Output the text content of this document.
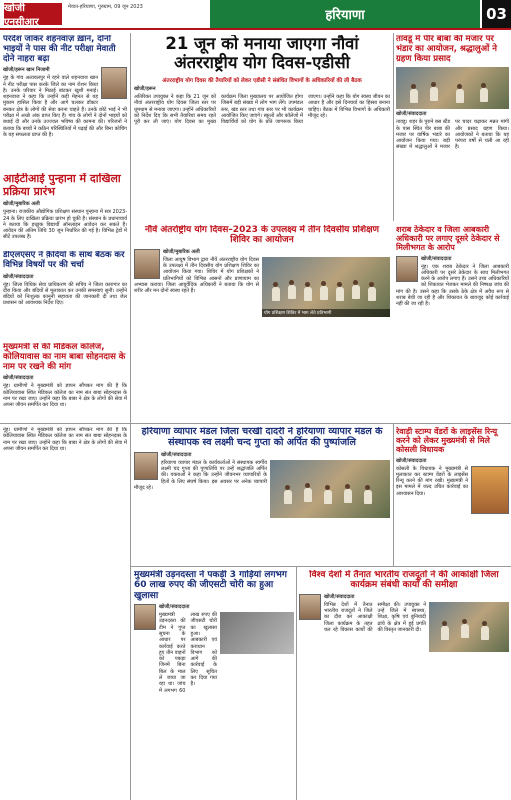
खोजी एनसीआर
मेवात-हरियाणा, गुरुग्राम, 09 जून 2023
हरियाणा	03
परदेश जाकर शहनवाज़ ख़ान, दोनों भाइयों ने पास की नीट परीक्षा मेवाती दोने नाहरा बढ़ा
खोजी/हरून खान निजामी
नूंह के गांव अलावलपुर में रहने वाले शहनवाज खान ने नीट परीक्षा पास करके जिले का नाम रोशन किया है। उनके परिवार ने मिठाई बांटकर खुशी मनाई। शहनवाज ने कहा कि उन्होंने कड़ी मेहनत से यह मुकाम हासिल किया है और आगे चलकर डॉक्टर बनकर क्षेत्र के लोगों की सेवा करना चाहते हैं। उनके छोटे भाई ने भी परीक्षा में अच्छे अंक प्राप्त किए हैं। गांव के लोगों ने दोनों भाइयों को बधाई दी और उनके उज्ज्वल भविष्य की कामना की। परिजनों ने बताया कि बच्चों ने कठिन परिस्थितियों में पढ़ाई की और बिना कोचिंग के यह सफलता प्राप्त की है।
आईटीआई पुन्हाना में दाखिला प्रक्रिया प्रारंभ
खोजी/मुबारिक अली
पुन्हाना। राजकीय औद्योगिक प्रशिक्षण संस्थान पुन्हाना में सत्र 2023-24 के लिए दाखिला प्रक्रिया प्रारंभ हो चुकी है। संस्थान के प्रधानाचार्य ने बताया कि इच्छुक विद्यार्थी ऑनलाइन आवेदन कर सकते हैं। आवेदन की अंतिम तिथि 30 जून निर्धारित की गई है। विभिन्न ट्रेडों में सीटें उपलब्ध हैं।
डीएलएसए ने क़ैदियों के साथ बैठक कर विभिन्न विषयों पर की चर्चा
खोजी/संवाददाता
नूंह। जिला विधिक सेवा प्राधिकरण की सचिव ने जिला कारागार का दौरा किया और बंदियों से मुलाकात कर उनकी समस्याएं सुनीं। उन्होंने बंदियों को निःशुल्क कानूनी सहायता की जानकारी दी तथा जेल प्रशासन को आवश्यक निर्देश दिए।
मुख्यमंत्री से की मेडिकल कॉलेज, कोलियावास का नाम बाबा सोहनदास के नाम पर रखने की मांग
खोजी/संवाददाता
नूंह। ग्रामीणों ने मुख्यमंत्री को ज्ञापन सौंपकर मांग की है कि कोलियावास स्थित मेडिकल कॉलेज का नाम संत बाबा सोहनदास के नाम पर रखा जाए। उन्होंने कहा कि बाबा ने क्षेत्र के लोगों की सेवा में अपना जीवन समर्पित कर दिया था।
21 जून को मनाया जाएगा नौवां अंतरराष्ट्रीय योग दिवस-एडीसी
अंतरराष्ट्रीय योग दिवस की तैयारियों को लेकर एडीसी ने संबंधित विभागों के अधिकारियों की ली बैठक
खोजी/हरून
अतिरिक्त उपायुक्त ने कहा कि 21 जून को नौवां अंतरराष्ट्रीय योग दिवस जिला स्तर पर धूमधाम से मनाया जाएगा। उन्होंने अधिकारियों को निर्देश दिए कि सभी तैयारियां समय रहते पूरी कर ली जाएं। योग दिवस का मुख्य कार्यक्रम जिला मुख्यालय पर आयोजित होगा जिसमें बड़ी संख्या में लोग भाग लेंगे। उपमंडल स्तर, खंड स्तर तथा गांव स्तर पर भी कार्यक्रम आयोजित किए जाएंगे। स्कूलों और कॉलेजों में विद्यार्थियों को योग के प्रति जागरूक किया जाएगा। उन्होंने कहा कि योग स्वस्थ जीवन का आधार है और इसे दिनचर्या का हिस्सा बनाना चाहिए। बैठक में विभिन्न विभागों के अधिकारी मौजूद रहे।
तावडू में पीर बाबा की मजार पर भंडार का आयोजन, श्रद्धालुओं ने ग्रहण किया प्रसाद
खोजी/संवाददाता
तावडू। शहर के पुराने बस स्टैंड के पास स्थित पीर बाबा की मजार पर वार्षिक भंडारे का आयोजन किया गया। बड़ी संख्या में श्रद्धालुओं ने मजार पर चादर चढ़ाकर मन्नत मांगी और प्रसाद ग्रहण किया। आयोजकों ने बताया कि यह परंपरा वर्षों से चली आ रही है।
नौवें अंतर्राष्ट्रीय योग दिवस–2023 के उपलक्ष्य में तीन दिवसीय प्रशिक्षण शिविर का आयोजन
खोजी/मुबारिक अली
योग प्रशिक्षण शिविर में भाग लेते प्रतिभागी
जिला आयुष विभाग द्वारा नौवें अंतरराष्ट्रीय योग दिवस के उपलक्ष्य में तीन दिवसीय योग प्रशिक्षण शिविर का आयोजन किया गया। शिविर में योग प्रशिक्षकों ने प्रतिभागियों को विभिन्न आसनों और प्राणायाम का अभ्यास कराया। जिला आयुर्वेदिक अधिकारी ने बताया कि योग से शरीर और मन दोनों स्वस्थ रहते हैं।
शराब ठेकेदार व जिला आबकारी अधिकारी पर लगाए दूसरे ठेकेदार से मिलीभगत के आरोप
खोजी/संवाददाता
नूंह। एक शराब ठेकेदार ने जिला आबकारी अधिकारी पर दूसरे ठेकेदार के साथ मिलीभगत करने के आरोप लगाए हैं। उसने उच्च अधिकारियों को शिकायत भेजकर मामले की निष्पक्ष जांच की मांग की है। उसने कहा कि उसके ठेके क्षेत्र में अवैध रूप से शराब बेची जा रही है और शिकायत के बावजूद कोई कार्रवाई नहीं की जा रही है।
हरियाणा व्यापार मंडल जिला चरखी दादरी ने हरियाणा व्यापार मंडल के संस्थापक स्व लक्ष्मी चन्द गुप्ता को अर्पित की पुष्पांजलि
खोजी/संवाददाता
हरियाणा व्यापार मंडल के कार्यकर्ताओं ने संस्थापक स्वर्गीय लक्ष्मी चंद गुप्ता की पुण्यतिथि पर उन्हें श्रद्धांजलि अर्पित की। वक्ताओं ने कहा कि उन्होंने जीवनभर व्यापारियों के हितों के लिए संघर्ष किया। इस अवसर पर अनेक व्यापारी मौजूद रहे।
रेवाड़ी स्टाम्प वेंडरों के लाइसेंस रिन्यू करने को लेकर मुख्यमंत्री से मिले कोसली विधायक
खोजी/संवाददाता
कोसली के विधायक ने मुख्यमंत्री से मुलाकात कर स्टाम्प वेंडरों के लाइसेंस रिन्यू करने की मांग रखी। मुख्यमंत्री ने इस मामले में जल्द उचित कार्रवाई का आश्वासन दिया।
नूंह। ग्रामीणों ने मुख्यमंत्री को ज्ञापन सौंपकर मांग की है कि कोलियावास स्थित मेडिकल कॉलेज का नाम संत बाबा सोहनदास के नाम पर रखा जाए। उन्होंने कहा कि बाबा ने क्षेत्र के लोगों की सेवा में अपना जीवन समर्पित कर दिया था।
मुख्यमंत्री उड़नदस्ता ने पकड़ी 3 गाड़ियां लगभग 60 लाख रुपए की जीएसटी चोरी का हुआ खुलासा
खोजी/संवाददाता
मुख्यमंत्री उड़नदस्ता की टीम ने गुप्त सूचना के आधार पर कार्रवाई करते हुए तीन वाहनों को पकड़ा जिनमें बिना बिल के माल ले जाया जा रहा था। जांच में लगभग 60 लाख रुपए की जीएसटी चोरी का खुलासा हुआ। आबकारी एवं कराधान विभाग को आगे की कार्रवाई के लिए सूचित कर दिया गया है।
विश्व देशों में तैनात भारतीय राजदूतों ने की आकांक्षी जिला कार्यक्रम संबंधी कार्यों की समीक्षा
खोजी/संवाददाता
विभिन्न देशों में तैनात भारतीय राजदूतों ने जिले का दौरा कर आकांक्षी जिला कार्यक्रम के तहत चल रहे विकास कार्यों की समीक्षा की। उपायुक्त ने उन्हें जिले में स्वास्थ्य, शिक्षा, कृषि एवं बुनियादी ढांचे के क्षेत्र में हुई प्रगति की विस्तृत जानकारी दी।
